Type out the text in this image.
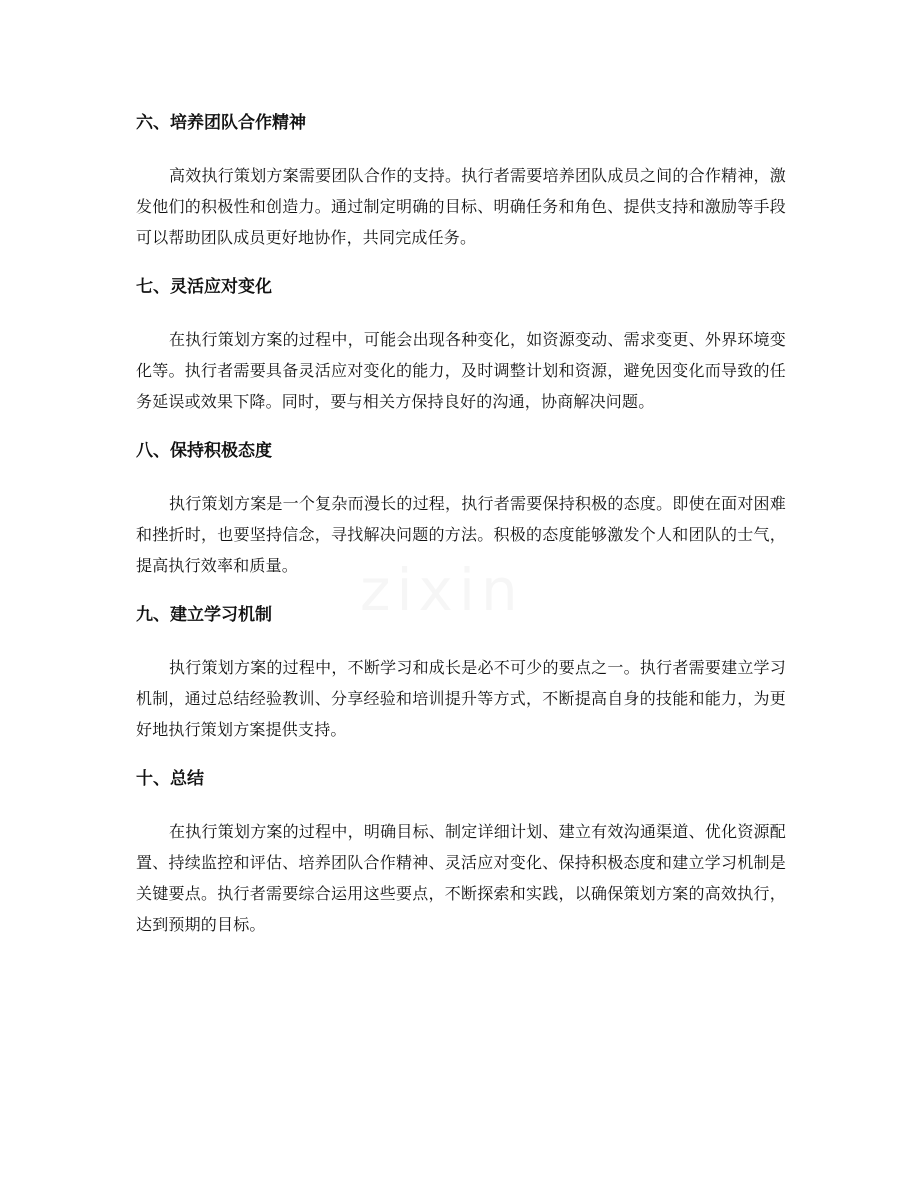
六、培养团队合作精神

高效执行策划方案需要团队合作的支持。执行者需要培养团队成员之间的合作精神，激发他们的积极性和创造力。通过制定明确的目标、明确任务和角色、提供支持和激励等手段可以帮助团队成员更好地协作，共同完成任务。

七、灵活应对变化

在执行策划方案的过程中，可能会出现各种变化，如资源变动、需求变更、外界环境变化等。执行者需要具备灵活应对变化的能力，及时调整计划和资源，避免因变化而导致的任务延误或效果下降。同时，要与相关方保持良好的沟通，协商解决问题。

八、保持积极态度

执行策划方案是一个复杂而漫长的过程，执行者需要保持积极的态度。即使在面对困难和挫折时，也要坚持信念，寻找解决问题的方法。积极的态度能够激发个人和团队的士气，提高执行效率和质量。

九、建立学习机制

执行策划方案的过程中，不断学习和成长是必不可少的要点之一。执行者需要建立学习机制，通过总结经验教训、分享经验和培训提升等方式，不断提高自身的技能和能力，为更好地执行策划方案提供支持。

十、总结

在执行策划方案的过程中，明确目标、制定详细计划、建立有效沟通渠道、优化资源配置、持续监控和评估、培养团队合作精神、灵活应对变化、保持积极态度和建立学习机制是关键要点。执行者需要综合运用这些要点，不断探索和实践，以确保策划方案的高效执行，达到预期的目标。
